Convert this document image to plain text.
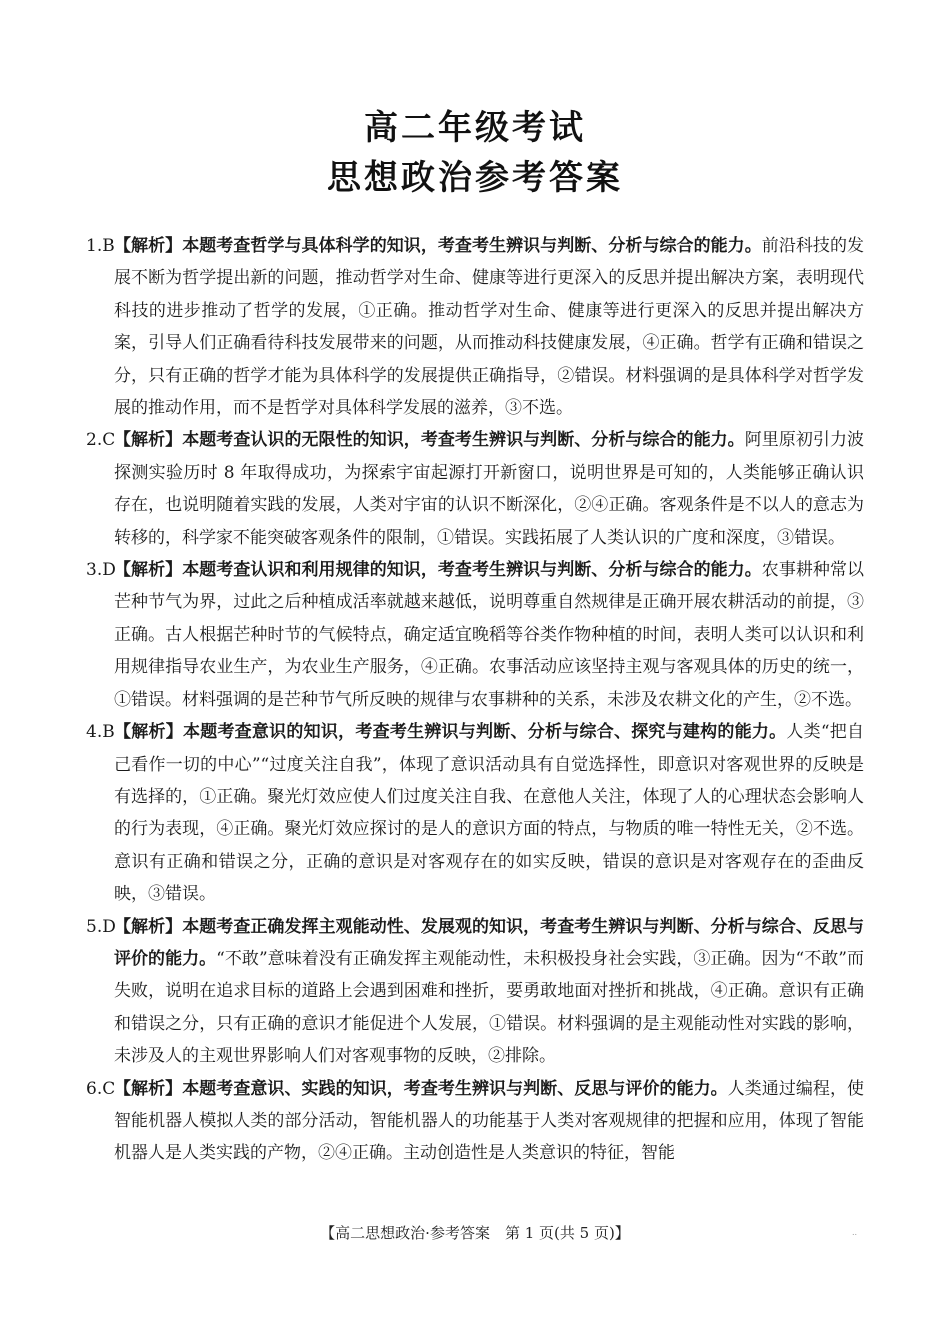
高二年级考试
思想政治参考答案
1.B 【解析】本题考查哲学与具体科学的知识，考查考生辨识与判断、分析与综合的能力。前沿科技的发展不断为哲学提出新的问题，推动哲学对生命、健康等进行更深入的反思并提出解决方案，表明现代科技的进步推动了哲学的发展，①正确。推动哲学对生命、健康等进行更深入的反思并提出解决方案，引导人们正确看待科技发展带来的问题，从而推动科技健康发展，④正确。哲学有正确和错误之分，只有正确的哲学才能为具体科学的发展提供正确指导，②错误。材料强调的是具体科学对哲学发展的推动作用，而不是哲学对具体科学发展的滋养，③不选。
2.C
【解析】本题考查认识的无限性的知识，考查考生辨识与判断、分析与综合的能力。阿里原初引力波探测实验历时 8 年取得成功，为探索宇宙起源打开新窗口，说明世界是可知的，人类能够正确认识存在，也说明随着实践的发展，人类对宇宙的认识不断深化，②④正确。客观条件是不以人的意志为转移的，科学家不能突破客观条件的限制，①错误。实践拓展了人类认识的广度和深度，③错误。
3.D
【解析】本题考查认识和利用规律的知识，考查考生辨识与判断、分析与综合的能力。农事耕种常以芒种节气为界，过此之后种植成活率就越来越低，说明尊重自然规律是正确开展农耕活动的前提，③正确。古人根据芒种时节的气候特点，确定适宜晚稻等谷类作物种植的时间，表明人类可以认识和利用规律指导农业生产，为农业生产服务，④正确。农事活动应该坚持主观与客观具体的历史的统一，①错误。材料强调的是芒种节气所反映的规律与农事耕种的关系，未涉及农耕文化的产生，②不选。
4.B 【解析】本题考查意识的知识，考查考生辨识与判断、分析与综合、探究与建构的能力。人类“把自己看作一切的中心”“过度关注自我”，体现了意识活动具有自觉选择性，即意识对客观世界的反映是有选择的，①正确。聚光灯效应使人们过度关注自我、在意他人关注，体现了人的心理状态会影响人的行为表现，④正确。聚光灯效应探讨的是人的意识方面的特点，与物质的唯一特性无关，②不选。意识有正确和错误之分，正确的意识是对客观存在的如实反映，错误的意识是对客观存在的歪曲反映，③错误。
5.D
【解析】本题考查正确发挥主观能动性、发展观的知识，考查考生辨识与判断、分析与综合、反思与评价的能力。“不敢”意味着没有正确发挥主观能动性，未积极投身社会实践，③正确。因为“不敢”而失败，说明在追求目标的道路上会遇到困难和挫折，要勇敢地面对挫折和挑战，④正确。意识有正确和错误之分，只有正确的意识才能促进个人发展，①错误。材料强调的是主观能动性对实践的影响，未涉及人的主观世界影响人们对客观事物的反映，②排除。
6.C
【解析】本题考查意识、实践的知识，考查考生辨识与判断、反思与评价的能力。人类通过编程，使智能机器人模拟人类的部分活动，智能机器人的功能基于人类对客观规律的把握和应用，体现了智能机器人是人类实践的产物，②④正确。主动创造性是人类意识的特征，智能
【高二思想政治·参考答案　第 1 页(共 5 页)】	..
